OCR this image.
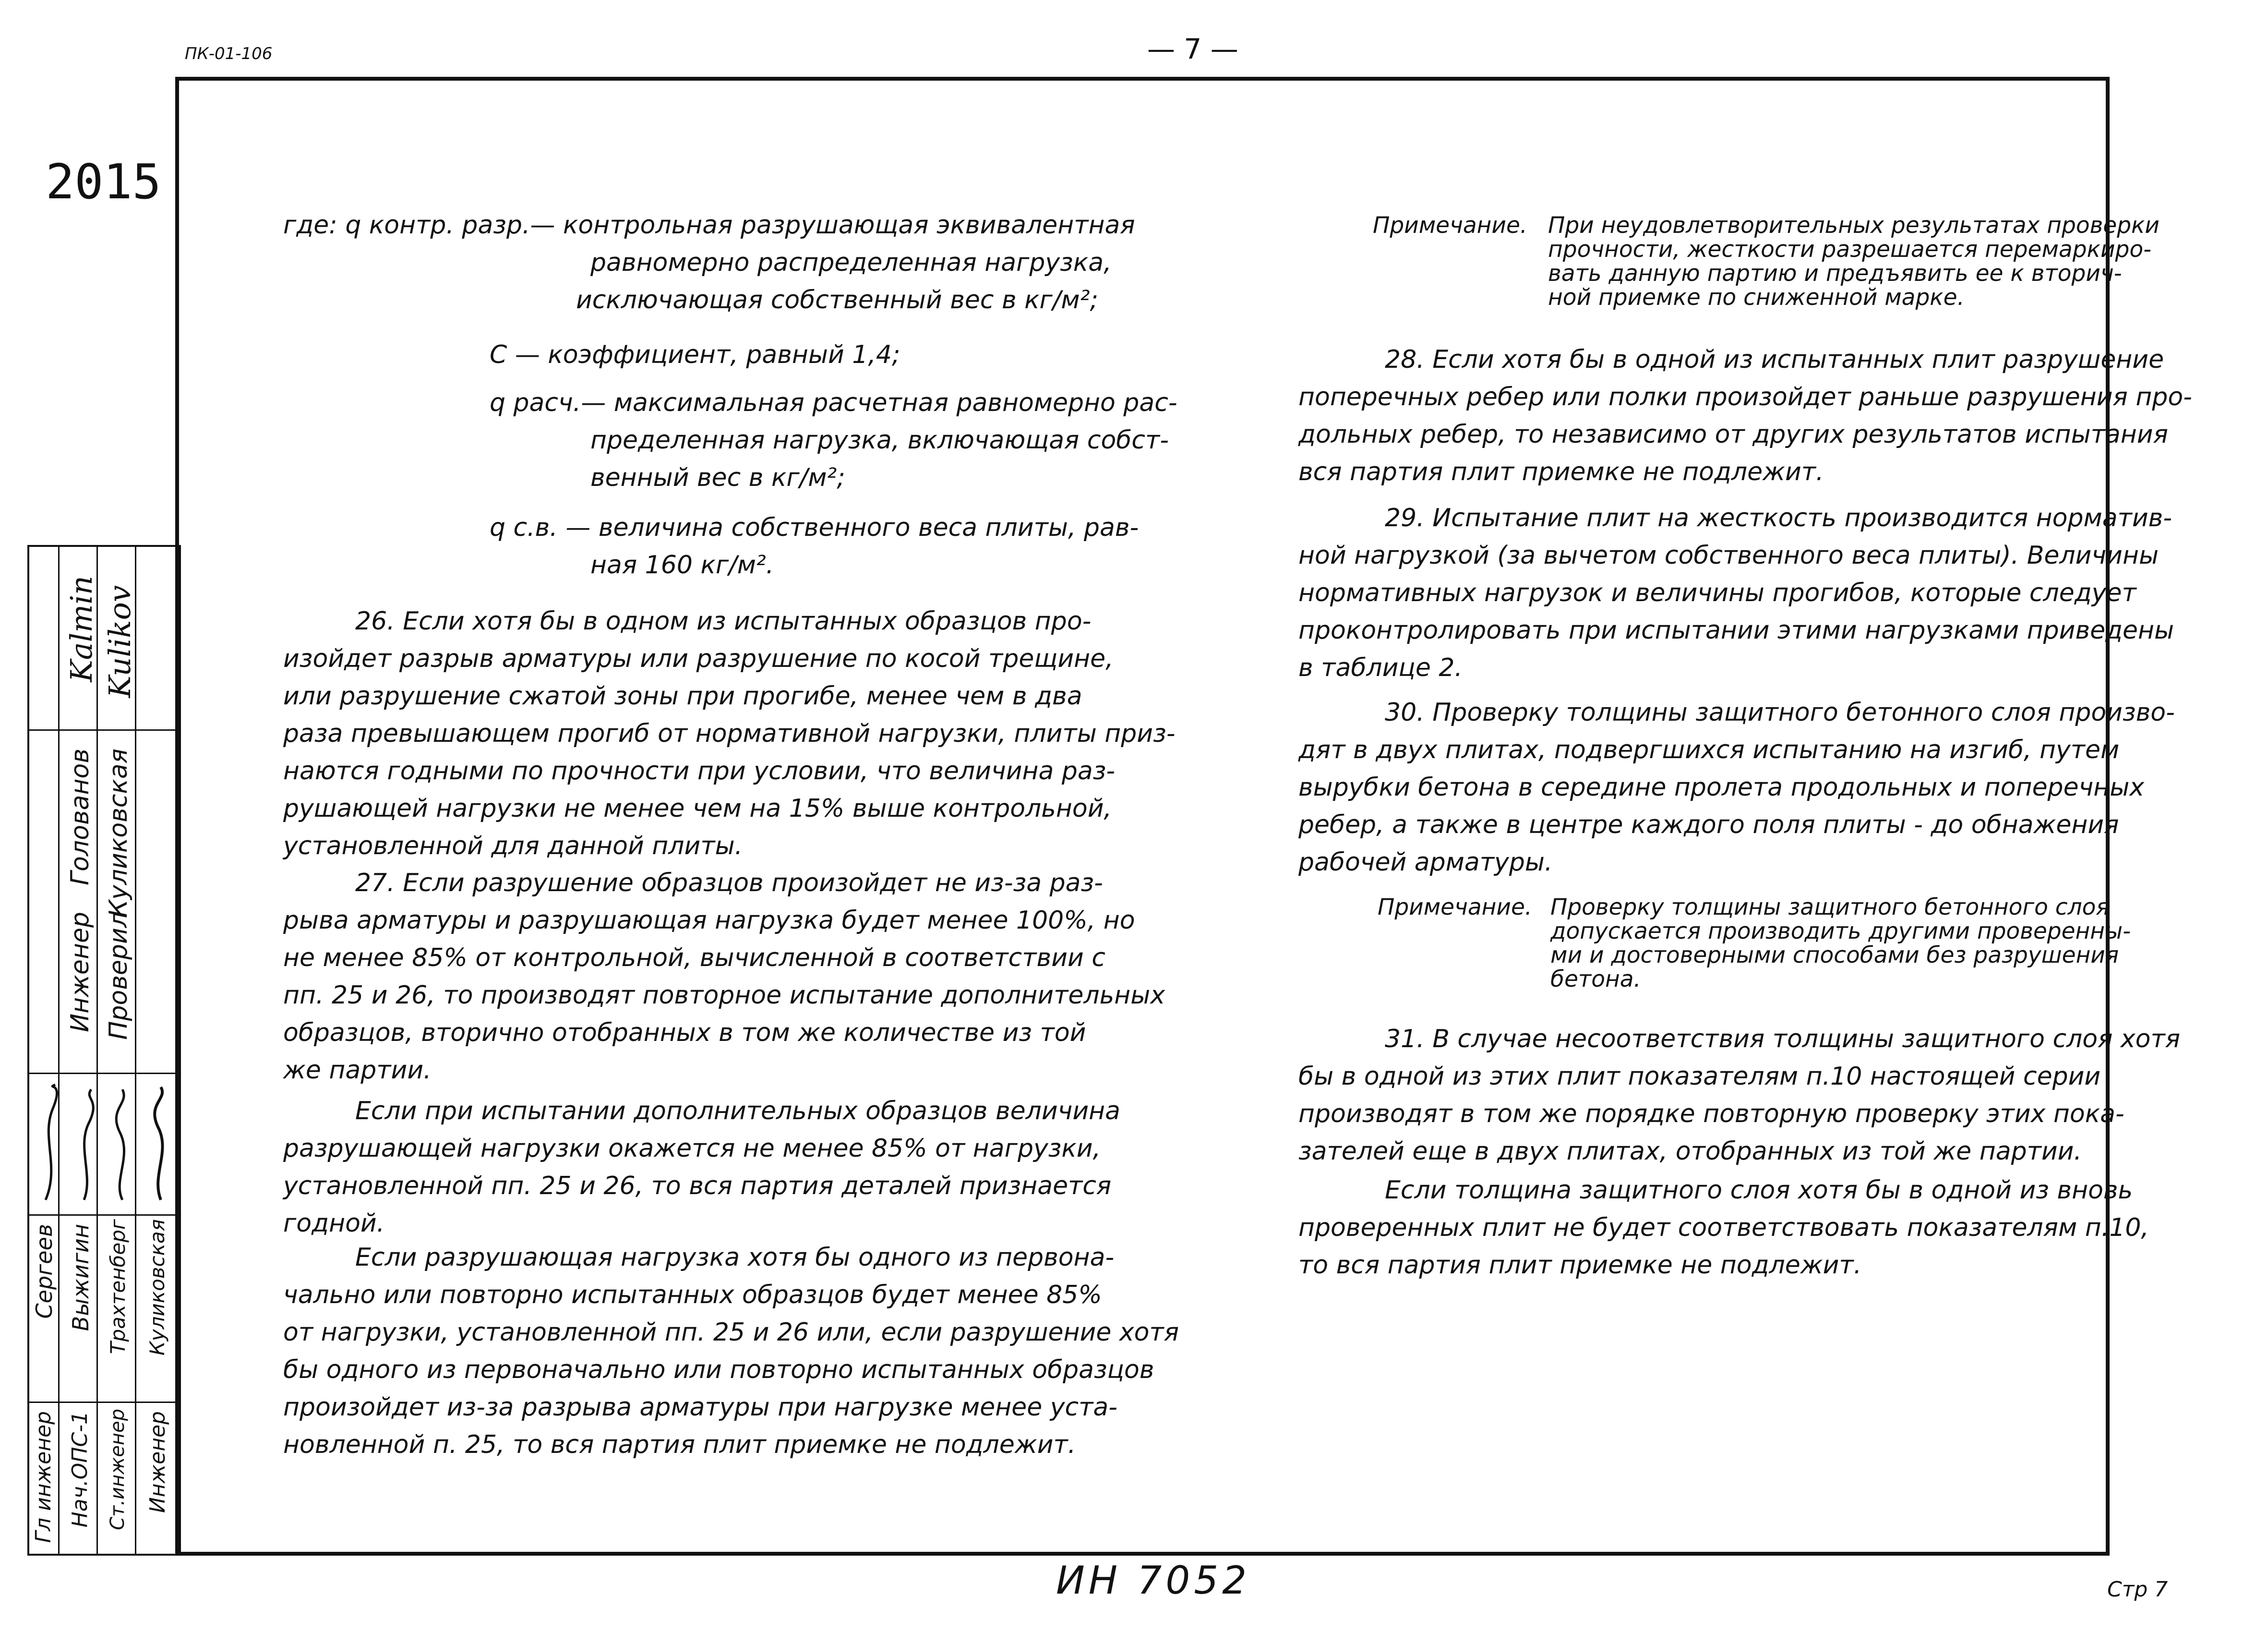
ПК-01-106	— 7 —
2015
Kalmin Kulikov
Голованов Куликовская
Инженер Проверил
Сергеев Выжигин Трахтенберг Куликовская
Гл инженер Нач.ОПС-1 Ст.инженер Инженер
где: q контр. разр.— контрольная разрушающая эквивалентная
равномерно распределенная нагрузка,
исключающая собственный вес в кг/м²;
С — коэффициент, равный 1,4;
q расч.— максимальная расчетная равномерно рас-
пределенная нагрузка, включающая собст-
венный вес в кг/м²;
q с.в. — величина собственного веса плиты, рав-
ная 160 кг/м².
26. Если хотя бы в одном из испытанных образцов про-
изойдет разрыв арматуры или разрушение по косой трещине,
или разрушение сжатой зоны при прогибе, менее чем в два
раза превышающем прогиб от нормативной нагрузки, плиты приз-
наются годными по прочности при условии, что величина раз-
рушающей нагрузки не менее чем на 15% выше контрольной,
установленной для данной плиты.
27. Если разрушение образцов произойдет не из-за раз-
рыва арматуры и разрушающая нагрузка будет менее 100%, но
не менее 85% от контрольной, вычисленной в соответствии с
пп. 25 и 26, то производят повторное испытание дополнительных
образцов, вторично отобранных в том же количестве из той
же партии.
Если при испытании дополнительных образцов величина
разрушающей нагрузки окажется не менее 85% от нагрузки,
установленной пп. 25 и 26, то вся партия деталей признается
годной.
Если разрушающая нагрузка хотя бы одного из первона-
чально или повторно испытанных образцов будет менее 85%
от нагрузки, установленной пп. 25 и 26 или, если разрушение хотя
бы одного из первоначально или повторно испытанных образцов
произойдет из-за разрыва арматуры при нагрузке менее уста-
новленной п. 25, то вся партия плит приемке не подлежит.
Примечание. При неудовлетворительных результатах проверки
прочности, жесткости разрешается перемаркиро-
вать данную партию и предъявить ее к вторич-
ной приемке по сниженной марке.
28. Если хотя бы в одной из испытанных плит разрушение
поперечных ребер или полки произойдет раньше разрушения про-
дольных ребер, то независимо от других результатов испытания
вся партия плит приемке не подлежит.
29. Испытание плит на жесткость производится норматив-
ной нагрузкой (за вычетом собственного веса плиты). Величины
нормативных нагрузок и величины прогибов, которые следует
проконтролировать при испытании этими нагрузками приведены
в таблице 2.
30. Проверку толщины защитного бетонного слоя произво-
дят в двух плитах, подвергшихся испытанию на изгиб, путем
вырубки бетона в середине пролета продольных и поперечных
ребер, а также в центре каждого поля плиты - до обнажения
рабочей арматуры.
Примечание. Проверку толщины защитного бетонного слоя
допускается производить другими проверенны-
ми и достоверными способами без разрушения
бетона.
31. В случае несоответствия толщины защитного слоя хотя
бы в одной из этих плит показателям п.10 настоящей серии
производят в том же порядке повторную проверку этих пока-
зателей еще в двух плитах, отобранных из той же партии.
Если толщина защитного слоя хотя бы в одной из вновь
проверенных плит не будет соответствовать показателям п.10,
то вся партия плит приемке не подлежит.
ИН 7052	Стр 7
